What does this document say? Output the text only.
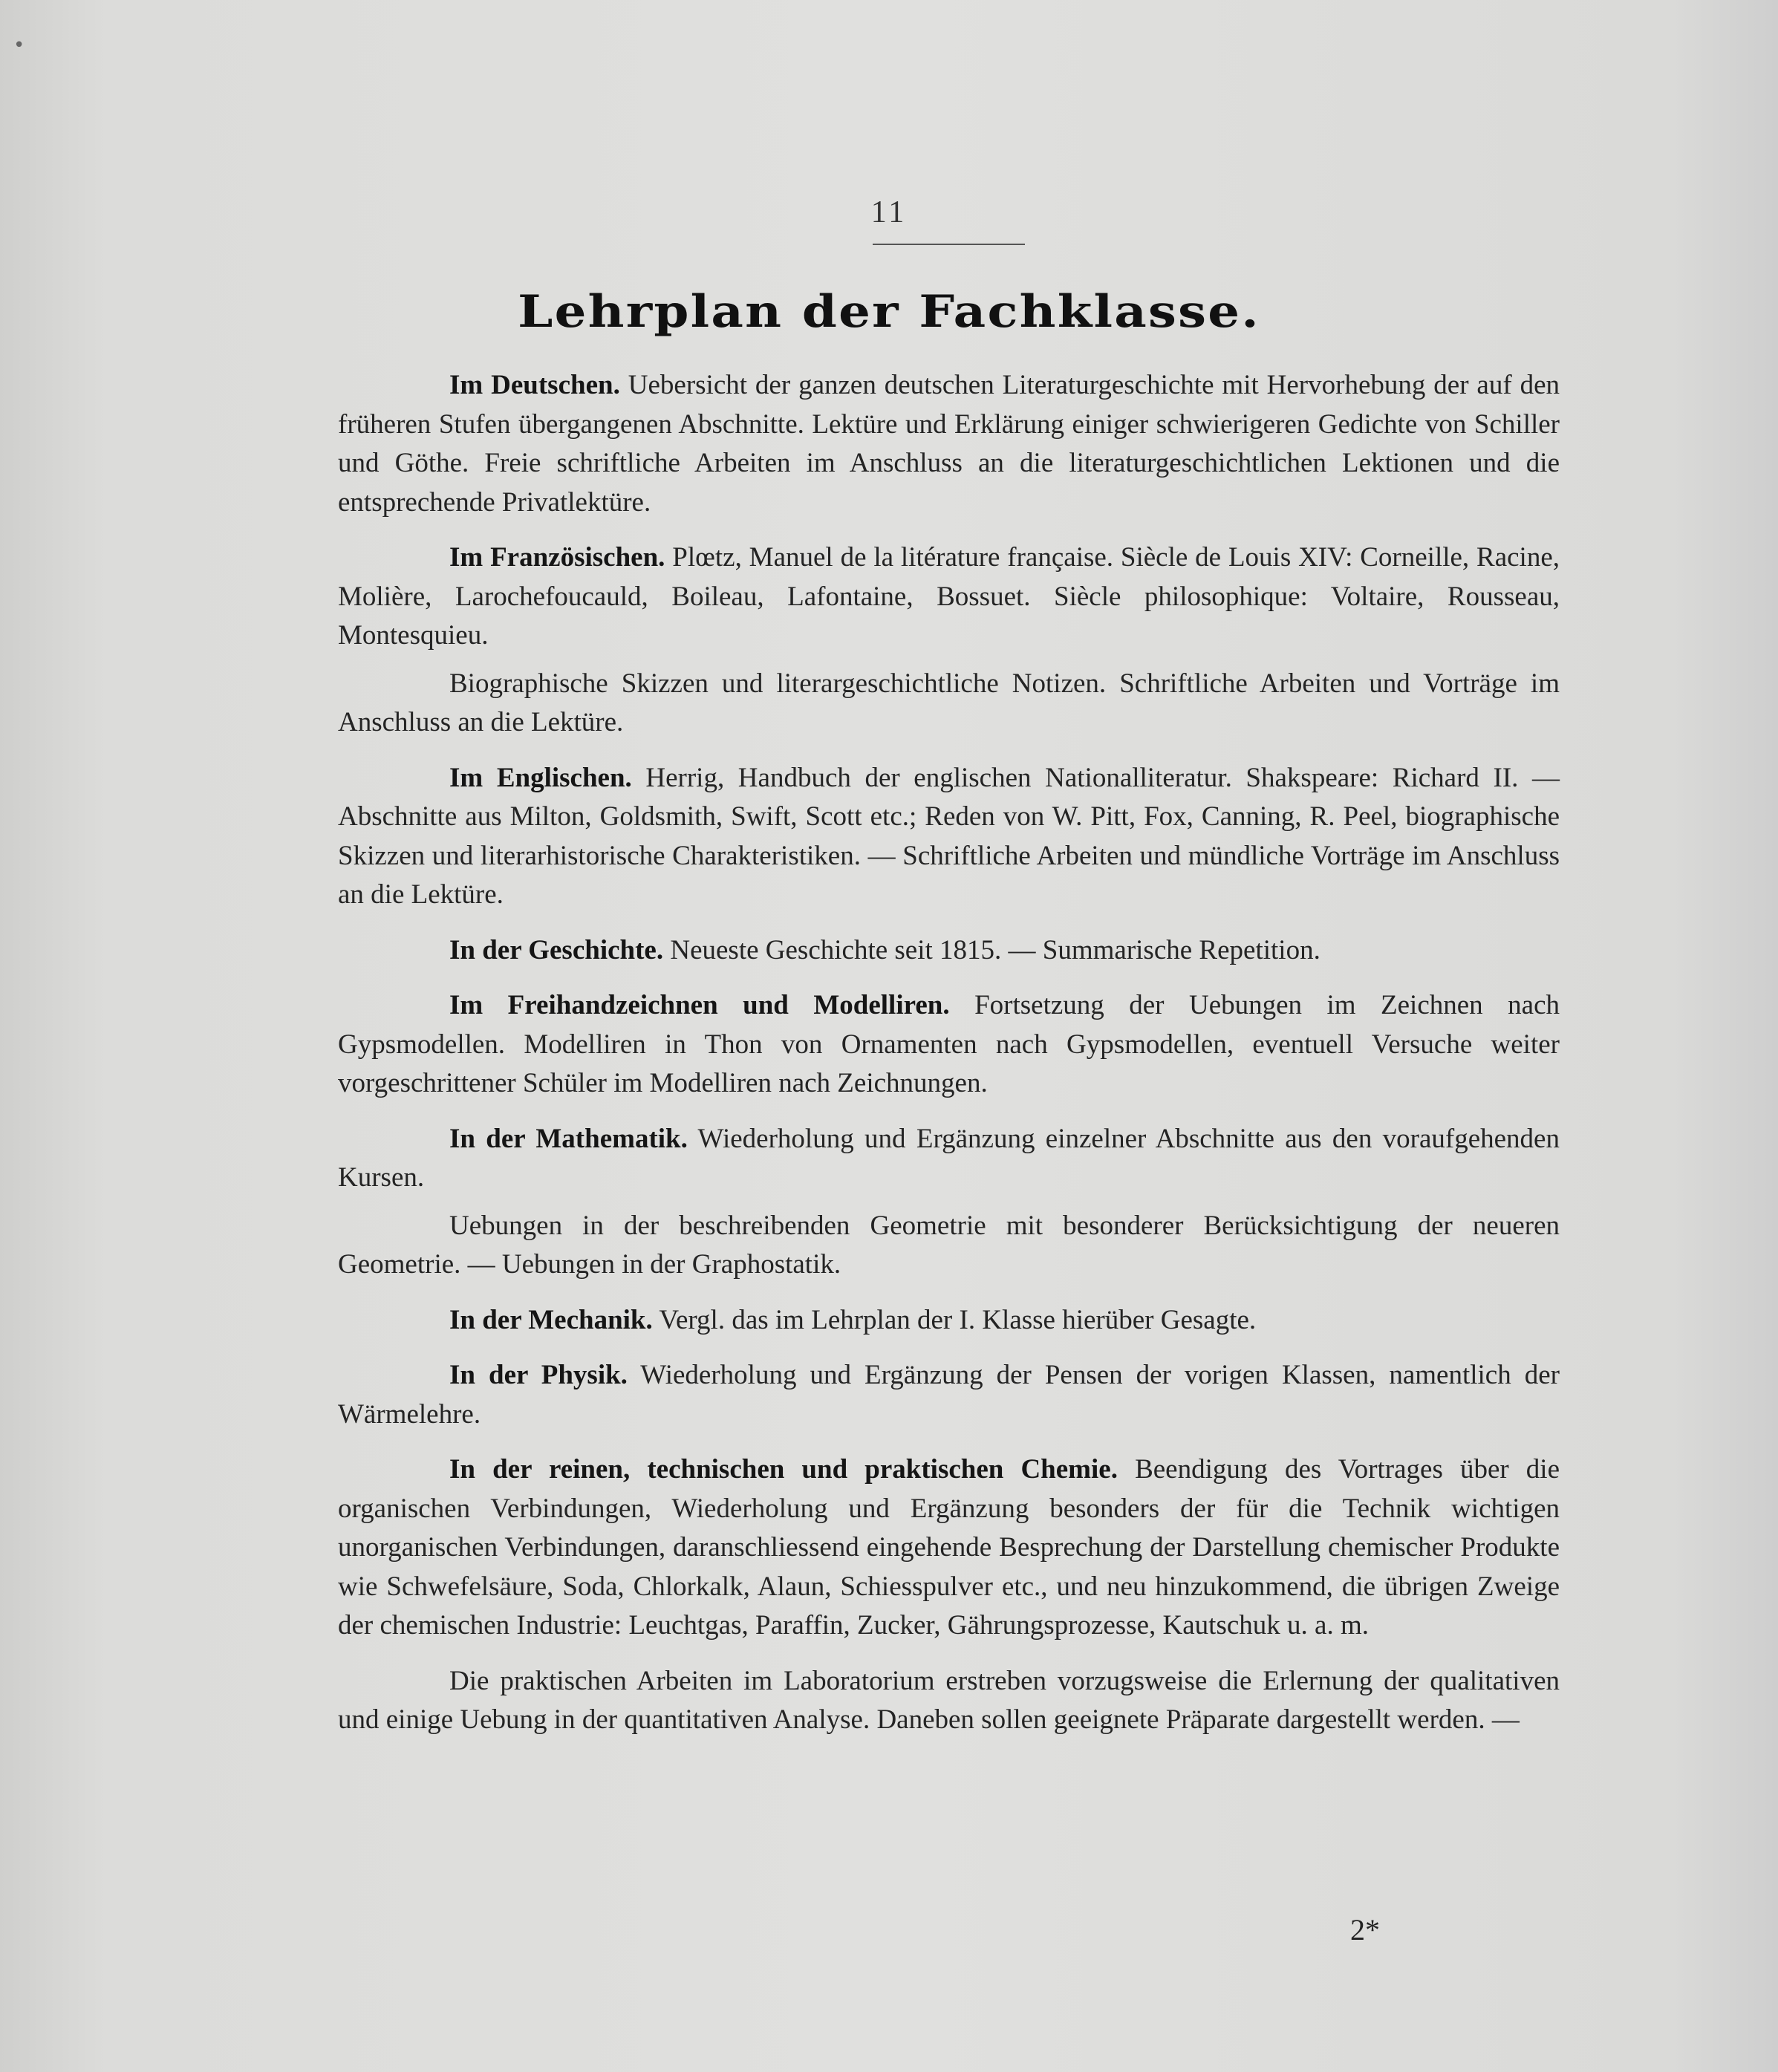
•
11
Lehrplan der Fachklasse.

Im Deutschen. Uebersicht der ganzen deutschen Literaturgeschichte mit Hervorhebung der auf den früheren Stufen übergangenen Abschnitte. Lektüre und Erklärung einiger schwierigeren Gedichte von Schiller und Göthe. Freie schriftliche Arbeiten im Anschluss an die literaturgeschichtlichen Lektionen und die entsprechende Privatlektüre.

Im Französischen. Plœtz, Manuel de la litérature française. Siècle de Louis XIV: Corneille, Racine, Molière, Larochefoucauld, Boileau, Lafontaine, Bossuet. Siècle philosophique: Voltaire, Rousseau, Montesquieu.

Biographische Skizzen und literargeschichtliche Notizen. Schriftliche Arbeiten und Vorträge im Anschluss an die Lektüre.

Im Englischen. Herrig, Handbuch der englischen Nationalliteratur. Shakspeare: Richard II. — Abschnitte aus Milton, Goldsmith, Swift, Scott etc.; Reden von W. Pitt, Fox, Canning, R. Peel, biographische Skizzen und literarhistorische Charakteristiken. — Schriftliche Arbeiten und mündliche Vorträge im Anschluss an die Lektüre.

In der Geschichte. Neueste Geschichte seit 1815. — Summarische Repetition.

Im Freihandzeichnen und Modelliren. Fortsetzung der Uebungen im Zeichnen nach Gypsmodellen. Modelliren in Thon von Ornamenten nach Gypsmodellen, eventuell Versuche weiter vorgeschrittener Schüler im Modelliren nach Zeichnungen.

In der Mathematik. Wiederholung und Ergänzung einzelner Abschnitte aus den voraufgehenden Kursen.

Uebungen in der beschreibenden Geometrie mit besonderer Berücksichtigung der neueren Geometrie. — Uebungen in der Graphostatik.

In der Mechanik. Vergl. das im Lehrplan der I. Klasse hierüber Gesagte.

In der Physik. Wiederholung und Ergänzung der Pensen der vorigen Klassen, namentlich der Wärmelehre.

In der reinen, technischen und praktischen Chemie. Beendigung des Vortrages über die organischen Verbindungen, Wiederholung und Ergänzung besonders der für die Technik wichtigen unorganischen Verbindungen, daranschliessend eingehende Besprechung der Darstellung chemischer Produkte wie Schwefelsäure, Soda, Chlorkalk, Alaun, Schiesspulver etc., und neu hinzukommend, die übrigen Zweige der chemischen Industrie: Leuchtgas, Paraffin, Zucker, Gährungsprozesse, Kautschuk u. a. m.

Die praktischen Arbeiten im Laboratorium erstreben vorzugsweise die Erlernung der qualitativen und einige Uebung in der quantitativen Analyse. Daneben sollen geeignete Präparate dargestellt werden. —

2*
